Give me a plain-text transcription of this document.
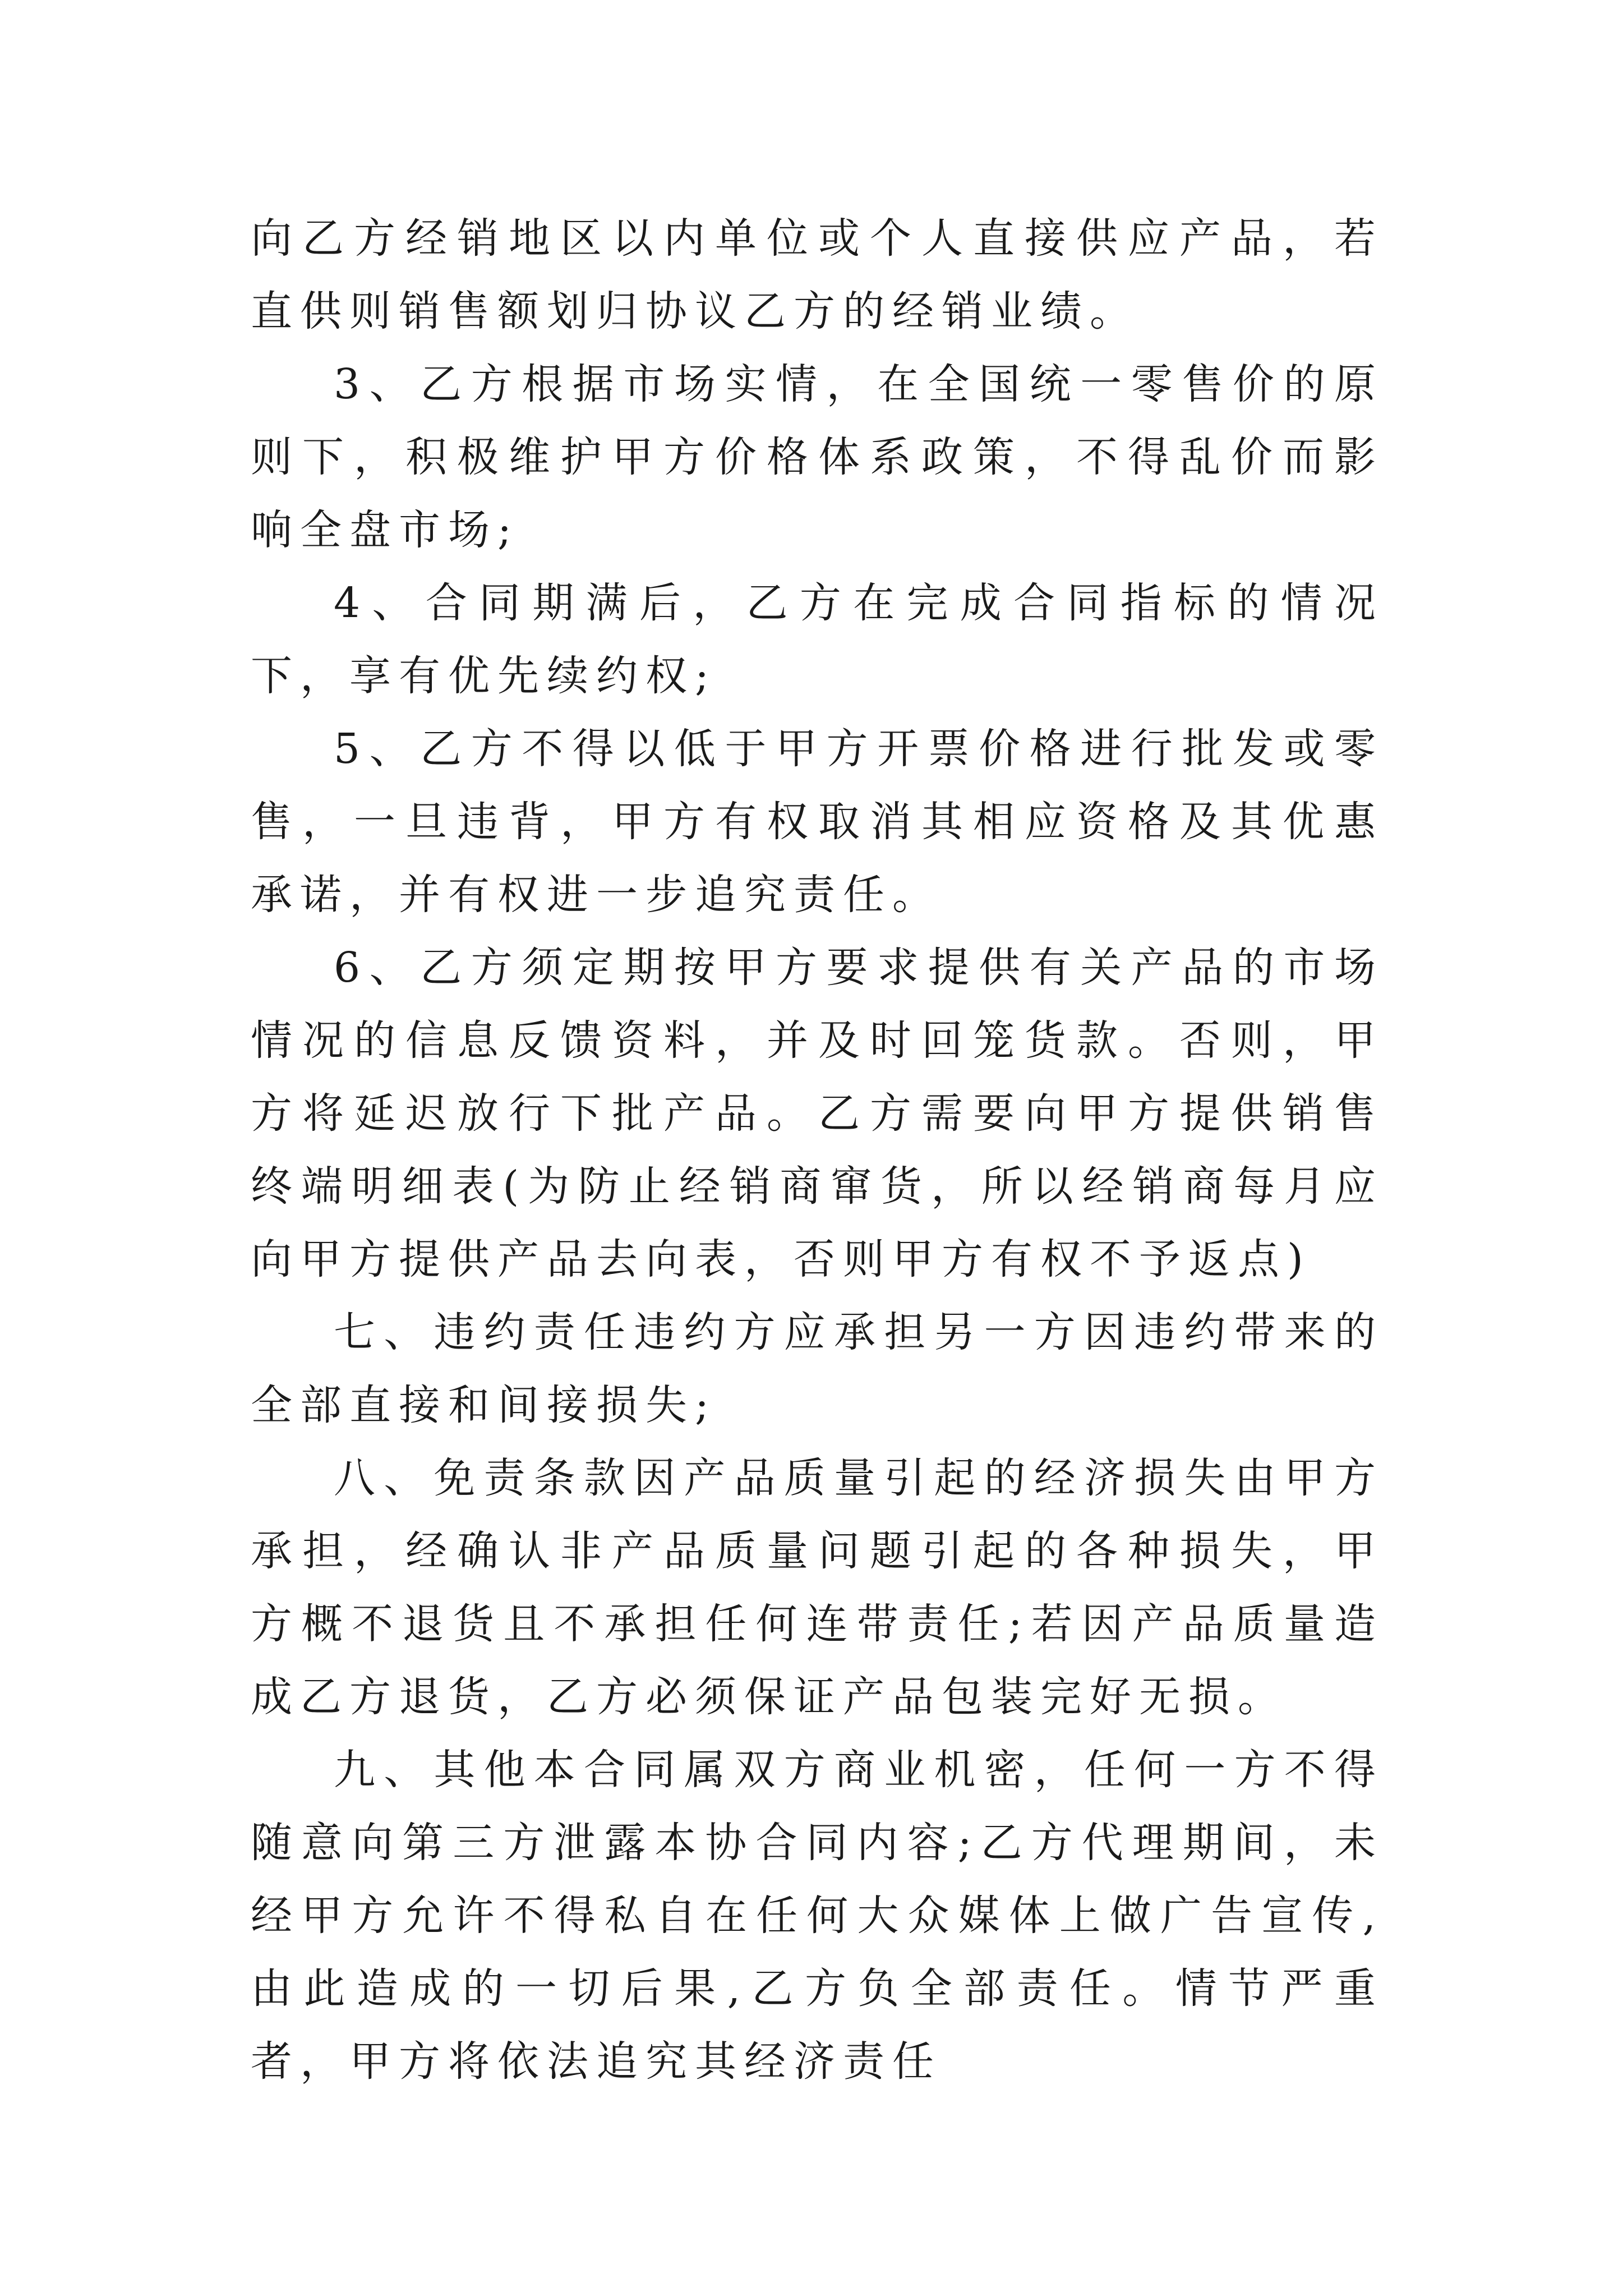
向乙方经销地区以内单位或个人直接供应产品，若直供则销售额划归协议乙方的经销业绩。

3、乙方根据市场实情，在全国统一零售价的原则下，积极维护甲方价格体系政策，不得乱价而影响全盘市场;

4、合同期满后，乙方在完成合同指标的情况下，享有优先续约权;

5、乙方不得以低于甲方开票价格进行批发或零售，一旦违背，甲方有权取消其相应资格及其优惠承诺，并有权进一步追究责任。

6、乙方须定期按甲方要求提供有关产品的市场情况的信息反馈资料，并及时回笼货款。否则，甲方将延迟放行下批产品。乙方需要向甲方提供销售终端明细表(为防止经销商窜货，所以经销商每月应向甲方提供产品去向表，否则甲方有权不予返点)

七、违约责任违约方应承担另一方因违约带来的全部直接和间接损失;

八、免责条款因产品质量引起的经济损失由甲方承担，经确认非产品质量问题引起的各种损失，甲方概不退货且不承担任何连带责任;若因产品质量造成乙方退货，乙方必须保证产品包装完好无损。

九、其他本合同属双方商业机密，任何一方不得随意向第三方泄露本协合同内容;乙方代理期间，未经甲方允许不得私自在任何大众媒体上做广告宣传,由此造成的一切后果,乙方负全部责任。情节严重者，甲方将依法追究其经济责任
